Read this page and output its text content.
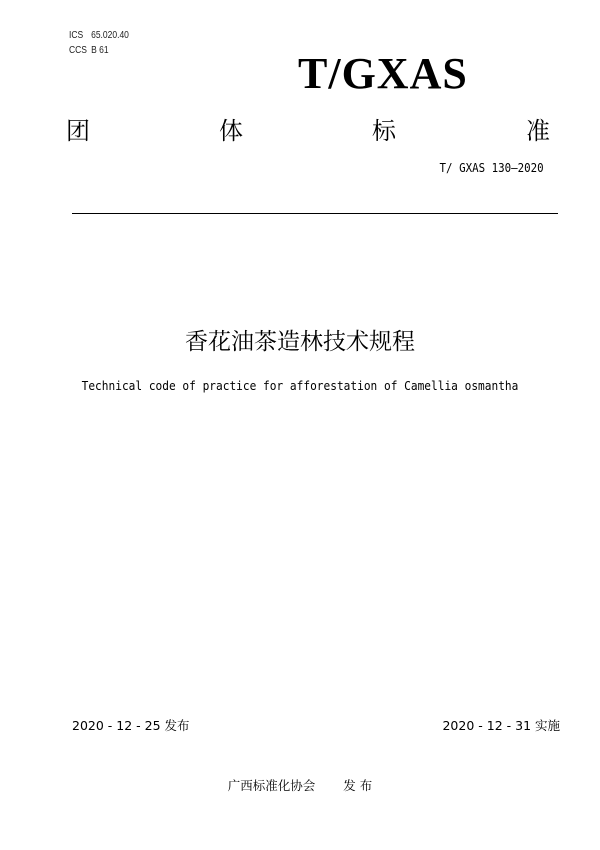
ICS 65.020.40
CCS B 61	T/GXAS
团	体	标	准
T/ GXAS 130—2020
香花油茶造林技术规程
Technical code of practice for afforestation of Camellia osmantha
2020 - 12 - 25 发布	2020 - 12 - 31 实施
广西标准化协会 发 布
